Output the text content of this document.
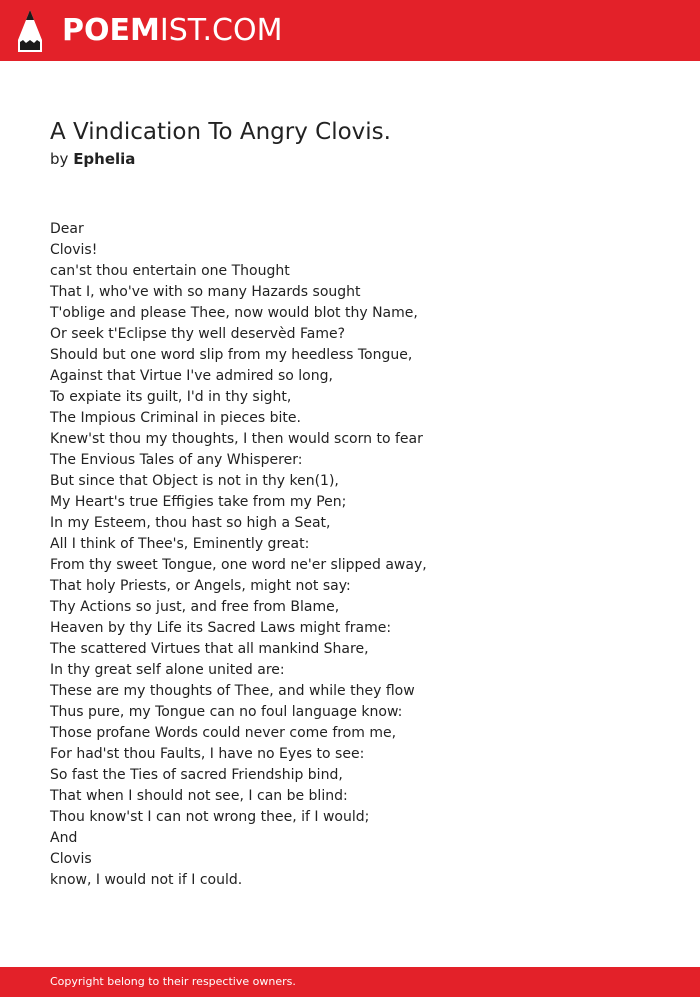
POEMIST.COM
A Vindication To Angry Clovis.
by Ephelia
Dear
Clovis!
can'st thou entertain one Thought
That I, who've with so many Hazards sought
T'oblige and please Thee, now would blot thy Name,
Or seek t'Eclipse thy well deservèd Fame?
Should but one word slip from my heedless Tongue,
Against that Virtue I've admired so long,
To expiate its guilt, I'd in thy sight,
The Impious Criminal in pieces bite.
Knew'st thou my thoughts, I then would scorn to fear
The Envious Tales of any Whisperer:
But since that Object is not in thy ken(1),
My Heart's true Effigies take from my Pen;
In my Esteem, thou hast so high a Seat,
All I think of Thee's, Eminently great:
From thy sweet Tongue, one word ne'er slipped away,
That holy Priests, or Angels, might not say:
Thy Actions so just, and free from Blame,
Heaven by thy Life its Sacred Laws might frame:
The scattered Virtues that all mankind Share,
In thy great self alone united are:
These are my thoughts of Thee, and while they flow
Thus pure, my Tongue can no foul language know:
Those profane Words could never come from me,
For had'st thou Faults, I have no Eyes to see:
So fast the Ties of sacred Friendship bind,
That when I should not see, I can be blind:
Thou know'st I can not wrong thee, if I would;
And
Clovis
know, I would not if I could.
Copyright belong to their respective owners.
